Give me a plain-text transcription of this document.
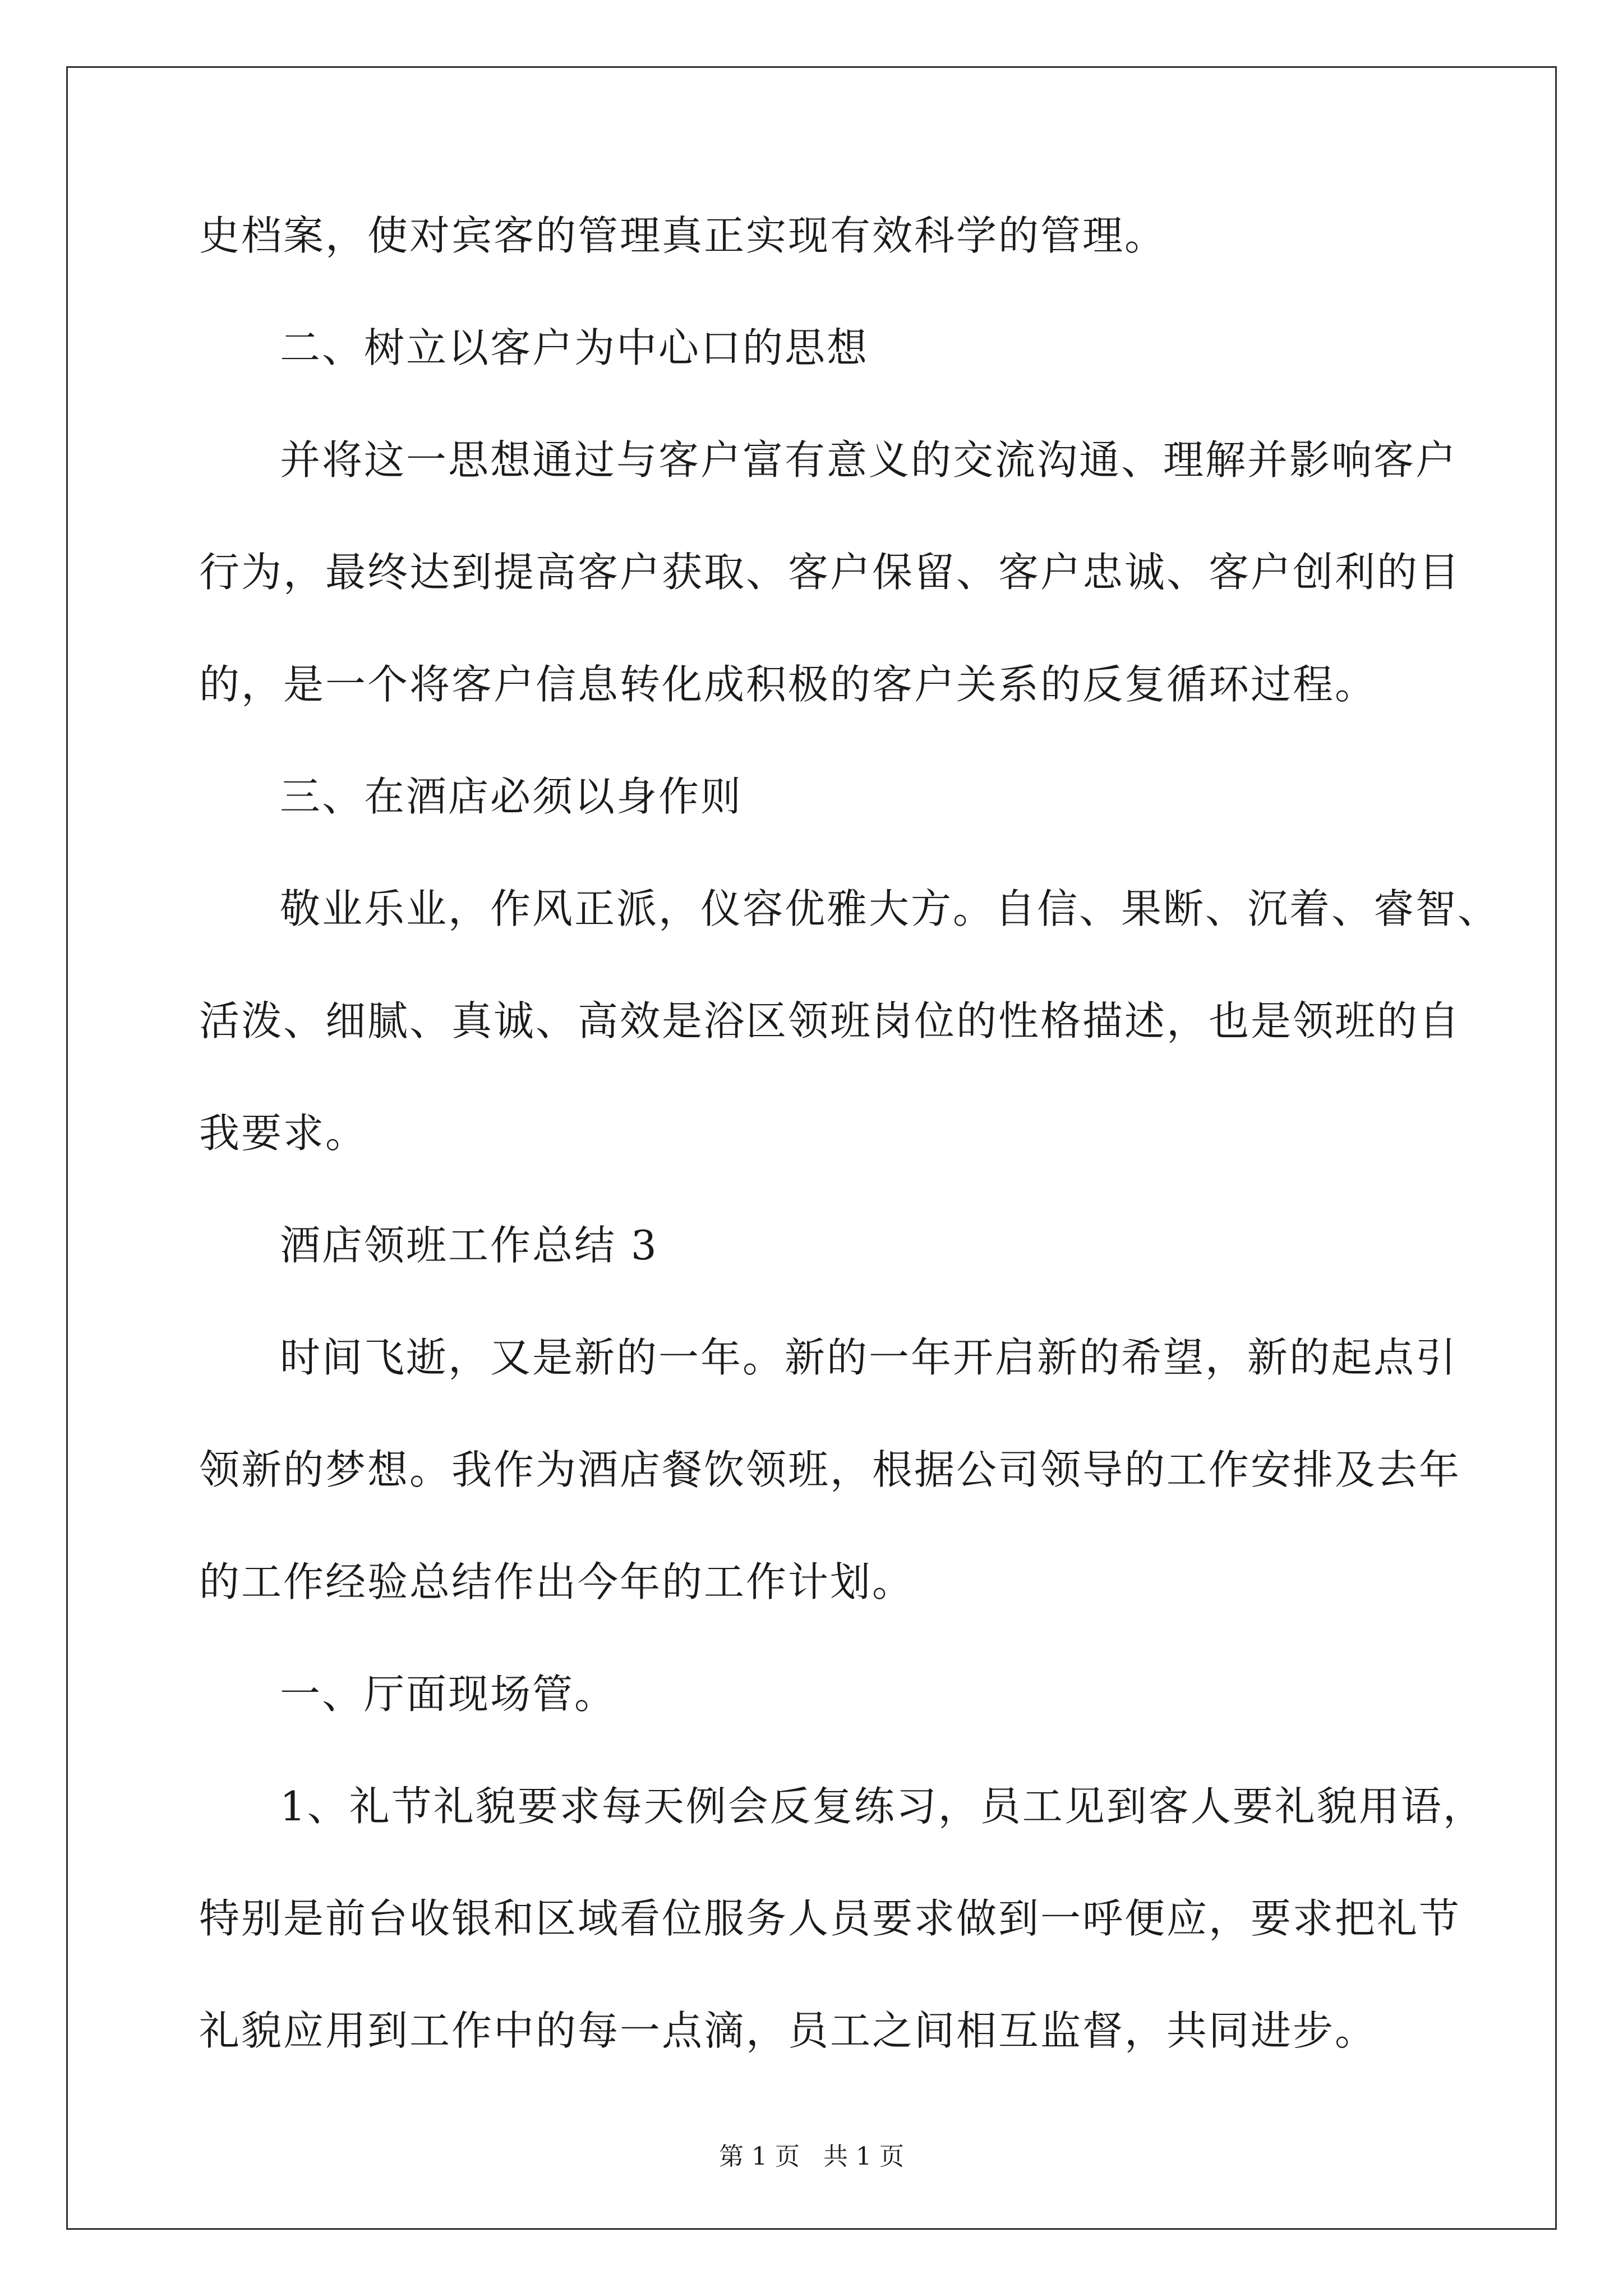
史档案，使对宾客的管理真正实现有效科学的管理。
二、树立以客户为中心口的思想
并将这一思想通过与客户富有意义的交流沟通、理解并影响客户
行为，最终达到提高客户获取、客户保留、客户忠诚、客户创利的目
的，是一个将客户信息转化成积极的客户关系的反复循环过程。
三、在酒店必须以身作则
敬业乐业，作风正派，仪容优雅大方。自信、果断、沉着、睿智、
活泼、细腻、真诚、高效是浴区领班岗位的性格描述，也是领班的自
我要求。
酒店领班工作总结 3
时间飞逝，又是新的一年。新的一年开启新的希望，新的起点引
领新的梦想。我作为酒店餐饮领班，根据公司领导的工作安排及去年
的工作经验总结作出今年的工作计划。
一、厅面现场管。
1、礼节礼貌要求每天例会反复练习，员工见到客人要礼貌用语，
特别是前台收银和区域看位服务人员要求做到一呼便应，要求把礼节
礼貌应用到工作中的每一点滴，员工之间相互监督，共同进步。
第 1 页 共 1 页
